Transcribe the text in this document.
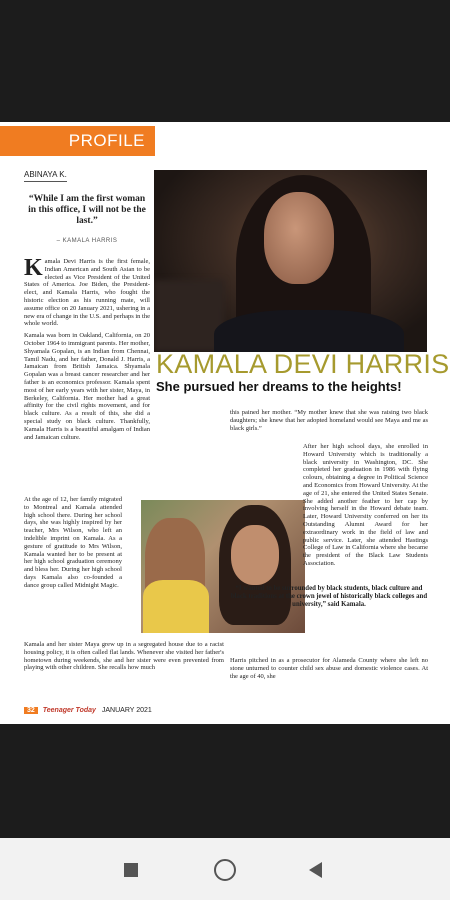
PROFILE
ABINAYA K.
“While I am the first woman in this office, I will not be the last.”
– KAMALA HARRIS
KAMALA DEVI HARRIS
She pursued her dreams to the heights!
K amala Devi Harris is the first female, Indian American and South Asian to be elected as Vice President of the United States of America. Joe Biden, the President-elect, and Kamala Harris, who fought the historic election as his running mate, will assume office on 20 January 2021, ushering in a new era of change in the U.S. and perhaps in the whole world.
Kamala was born in Oakland, California, on 20 October 1964 to immigrant parents. Her mother, Shyamala Gopalan, is an Indian from Chennai, Tamil Nadu, and her father, Donald J. Harris, a Jamaican from British Jamaica. Shyamala Gopalan was a breast cancer researcher and her father is an economics professor. Kamala spent most of her early years with her sister, Maya, in Berkeley, California. Her mother had a great affinity for the civil rights movement, and for black culture. As a result of this, she did a special study on black culture. Thankfully, Kamala Harris is a beautiful amalgam of Indian and Jamaican culture.
At the age of 12, her family migrated to Montreal and Kamala attended high school there. During her school days, she was highly inspired by her teacher, Mrs Wilson, who left an indelible imprint on Kamala. As a gesture of gratitude to Mrs Wilson, Kamala wanted her to be present at her high school graduation ceremony and bless her. During her high school days Kamala also co-founded a dance group called Midnight Magic.
Kamala and her sister Maya grew up in a segregated house due to a racist housing policy, it is often called flat lands. Whenever she visited her father's hometown during weekends, she and her sister were even prevented from playing with other children. She recalls how much
this pained her mother. “My mother knew that she was raising two black daughters; she knew that her adopted homeland would see Maya and me as black girls.”
After her high school days, she enrolled in Howard University which is traditionally a black university in Washington, DC. She completed her graduation in 1986 with flying colours, obtaining a degree in Political Science and Economics from Howard University. At the age of 21, she entered the United States Senate. She added another feather to her cap by involving herself in the Howard debate team. Later, Howard University conferred on her its Outstanding Alumni Award for her extraordinary work in the field of law and public service. Later, she attended Hastings College of Law in California where she became the president of the Black Law Students Association.
“I wanted to be surrounded by black students, black culture and black traditions at the crown jewel of historically black colleges and university,” said Kamala.
Harris pitched in as a prosecutor for Alameda County where she left no stone unturned to counter child sex abuse and domestic violence cases. At the age of 40, she
32 Teenager Today JANUARY 2021
